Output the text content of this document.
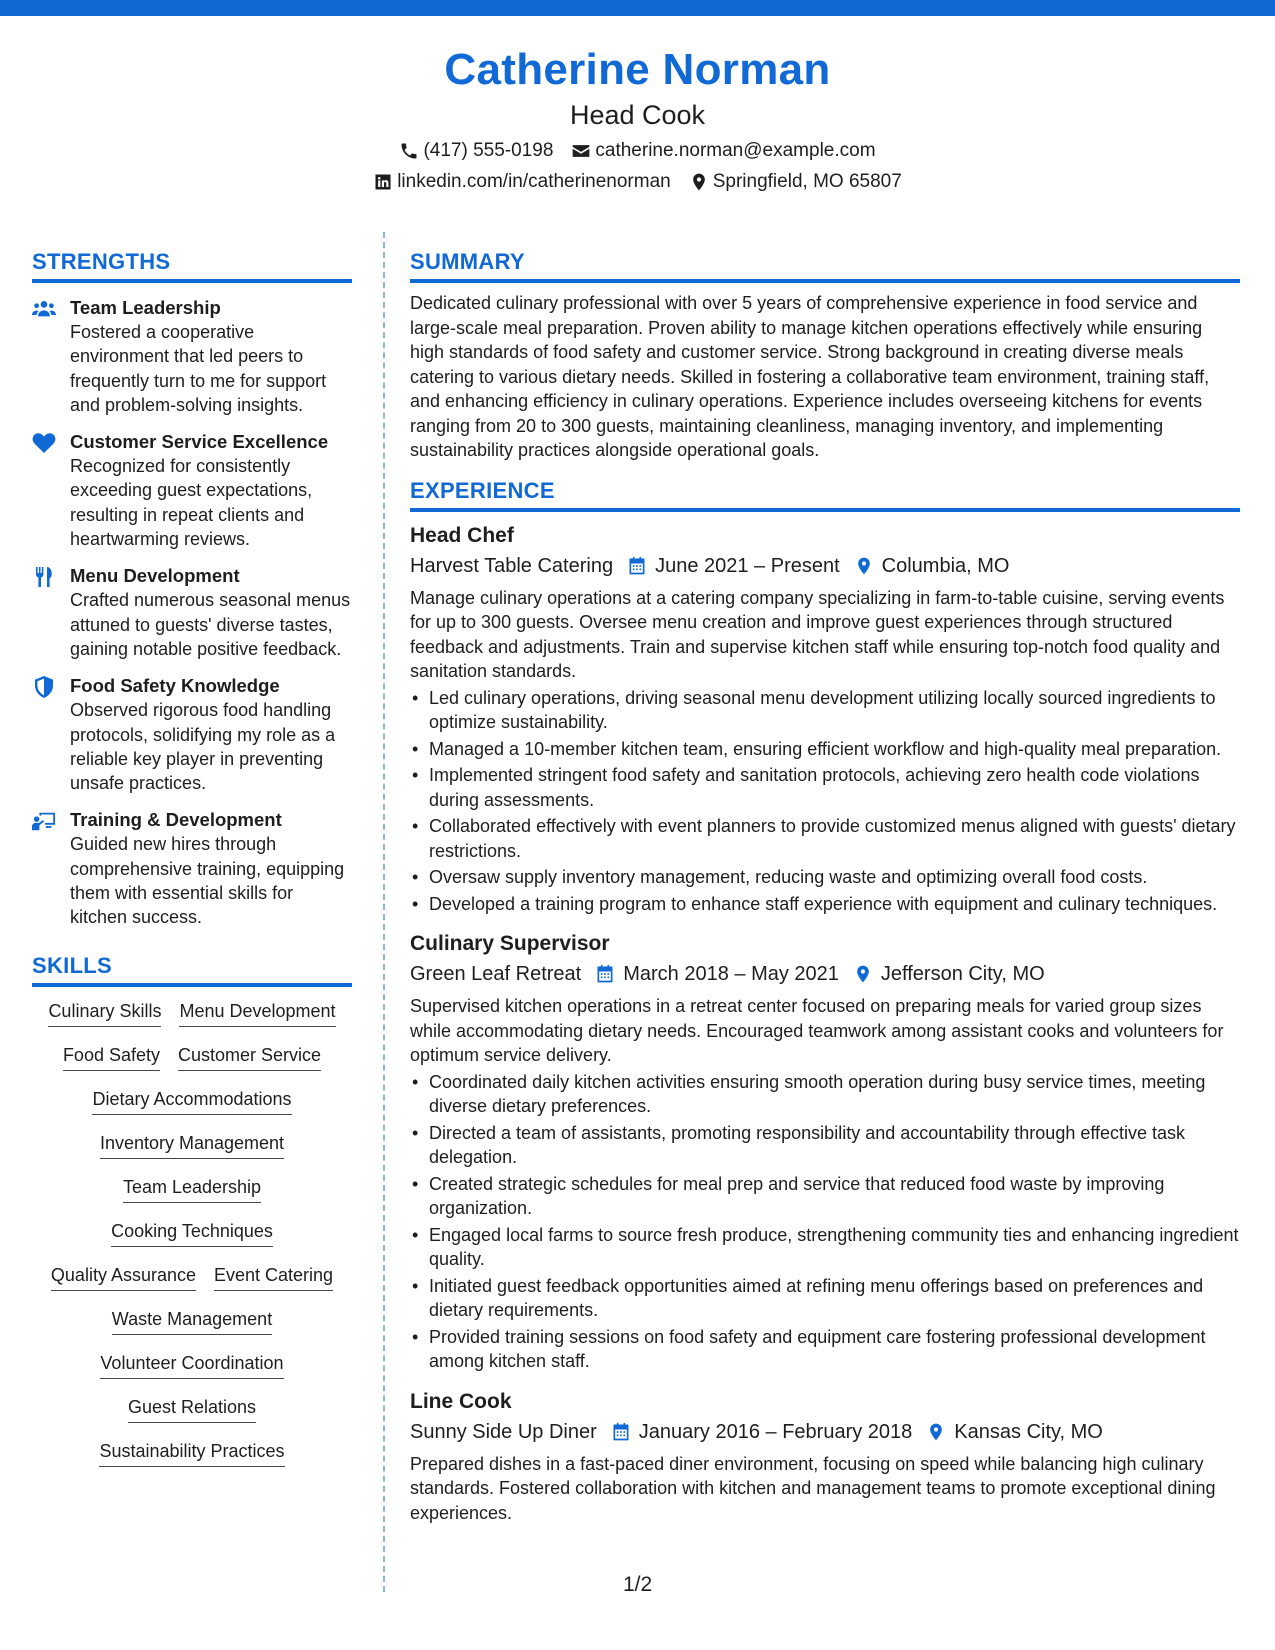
Catherine Norman
Head Cook
(417) 555-0198 catherine.norman@example.com
linkedin.com/in/catherinenorman Springfield, MO 65807
STRENGTHS
Team Leadership
Fostered a cooperative environment that led peers to frequently turn to me for support and problem-solving insights.
Customer Service Excellence
Recognized for consistently exceeding guest expectations, resulting in repeat clients and heartwarming reviews.
Menu Development
Crafted numerous seasonal menus attuned to guests' diverse tastes, gaining notable positive feedback.
Food Safety Knowledge
Observed rigorous food handling protocols, solidifying my role as a reliable key player in preventing unsafe practices.
Training & Development
Guided new hires through comprehensive training, equipping them with essential skills for kitchen success.
SKILLS
Culinary Skills Menu Development
Food Safety Customer Service
Dietary Accommodations
Inventory Management
Team Leadership
Cooking Techniques
Quality Assurance Event Catering
Waste Management
Volunteer Coordination
Guest Relations
Sustainability Practices
SUMMARY
Dedicated culinary professional with over 5 years of comprehensive experience in food service and large-scale meal preparation. Proven ability to manage kitchen operations effectively while ensuring high standards of food safety and customer service. Strong background in creating diverse meals catering to various dietary needs. Skilled in fostering a collaborative team environment, training staff, and enhancing efficiency in culinary operations. Experience includes overseeing kitchens for events ranging from 20 to 300 guests, maintaining cleanliness, managing inventory, and implementing sustainability practices alongside operational goals.
EXPERIENCE
Head Chef
Harvest Table Catering June 2021 – Present Columbia, MO
Manage culinary operations at a catering company specializing in farm-to-table cuisine, serving events for up to 300 guests. Oversee menu creation and improve guest experiences through structured feedback and adjustments. Train and supervise kitchen staff while ensuring top-notch food quality and sanitation standards.
• Led culinary operations, driving seasonal menu development utilizing locally sourced ingredients to optimize sustainability.
• Managed a 10-member kitchen team, ensuring efficient workflow and high-quality meal preparation.
• Implemented stringent food safety and sanitation protocols, achieving zero health code violations during assessments.
• Collaborated effectively with event planners to provide customized menus aligned with guests' dietary restrictions.
• Oversaw supply inventory management, reducing waste and optimizing overall food costs.
• Developed a training program to enhance staff experience with equipment and culinary techniques.
Culinary Supervisor
Green Leaf Retreat March 2018 – May 2021 Jefferson City, MO
Supervised kitchen operations in a retreat center focused on preparing meals for varied group sizes while accommodating dietary needs. Encouraged teamwork among assistant cooks and volunteers for optimum service delivery.
• Coordinated daily kitchen activities ensuring smooth operation during busy service times, meeting diverse dietary preferences.
• Directed a team of assistants, promoting responsibility and accountability through effective task delegation.
• Created strategic schedules for meal prep and service that reduced food waste by improving organization.
• Engaged local farms to source fresh produce, strengthening community ties and enhancing ingredient quality.
• Initiated guest feedback opportunities aimed at refining menu offerings based on preferences and dietary requirements.
• Provided training sessions on food safety and equipment care fostering professional development among kitchen staff.
Line Cook
Sunny Side Up Diner January 2016 – February 2018 Kansas City, MO
Prepared dishes in a fast-paced diner environment, focusing on speed while balancing high culinary standards. Fostered collaboration with kitchen and management teams to promote exceptional dining experiences.
1/2
